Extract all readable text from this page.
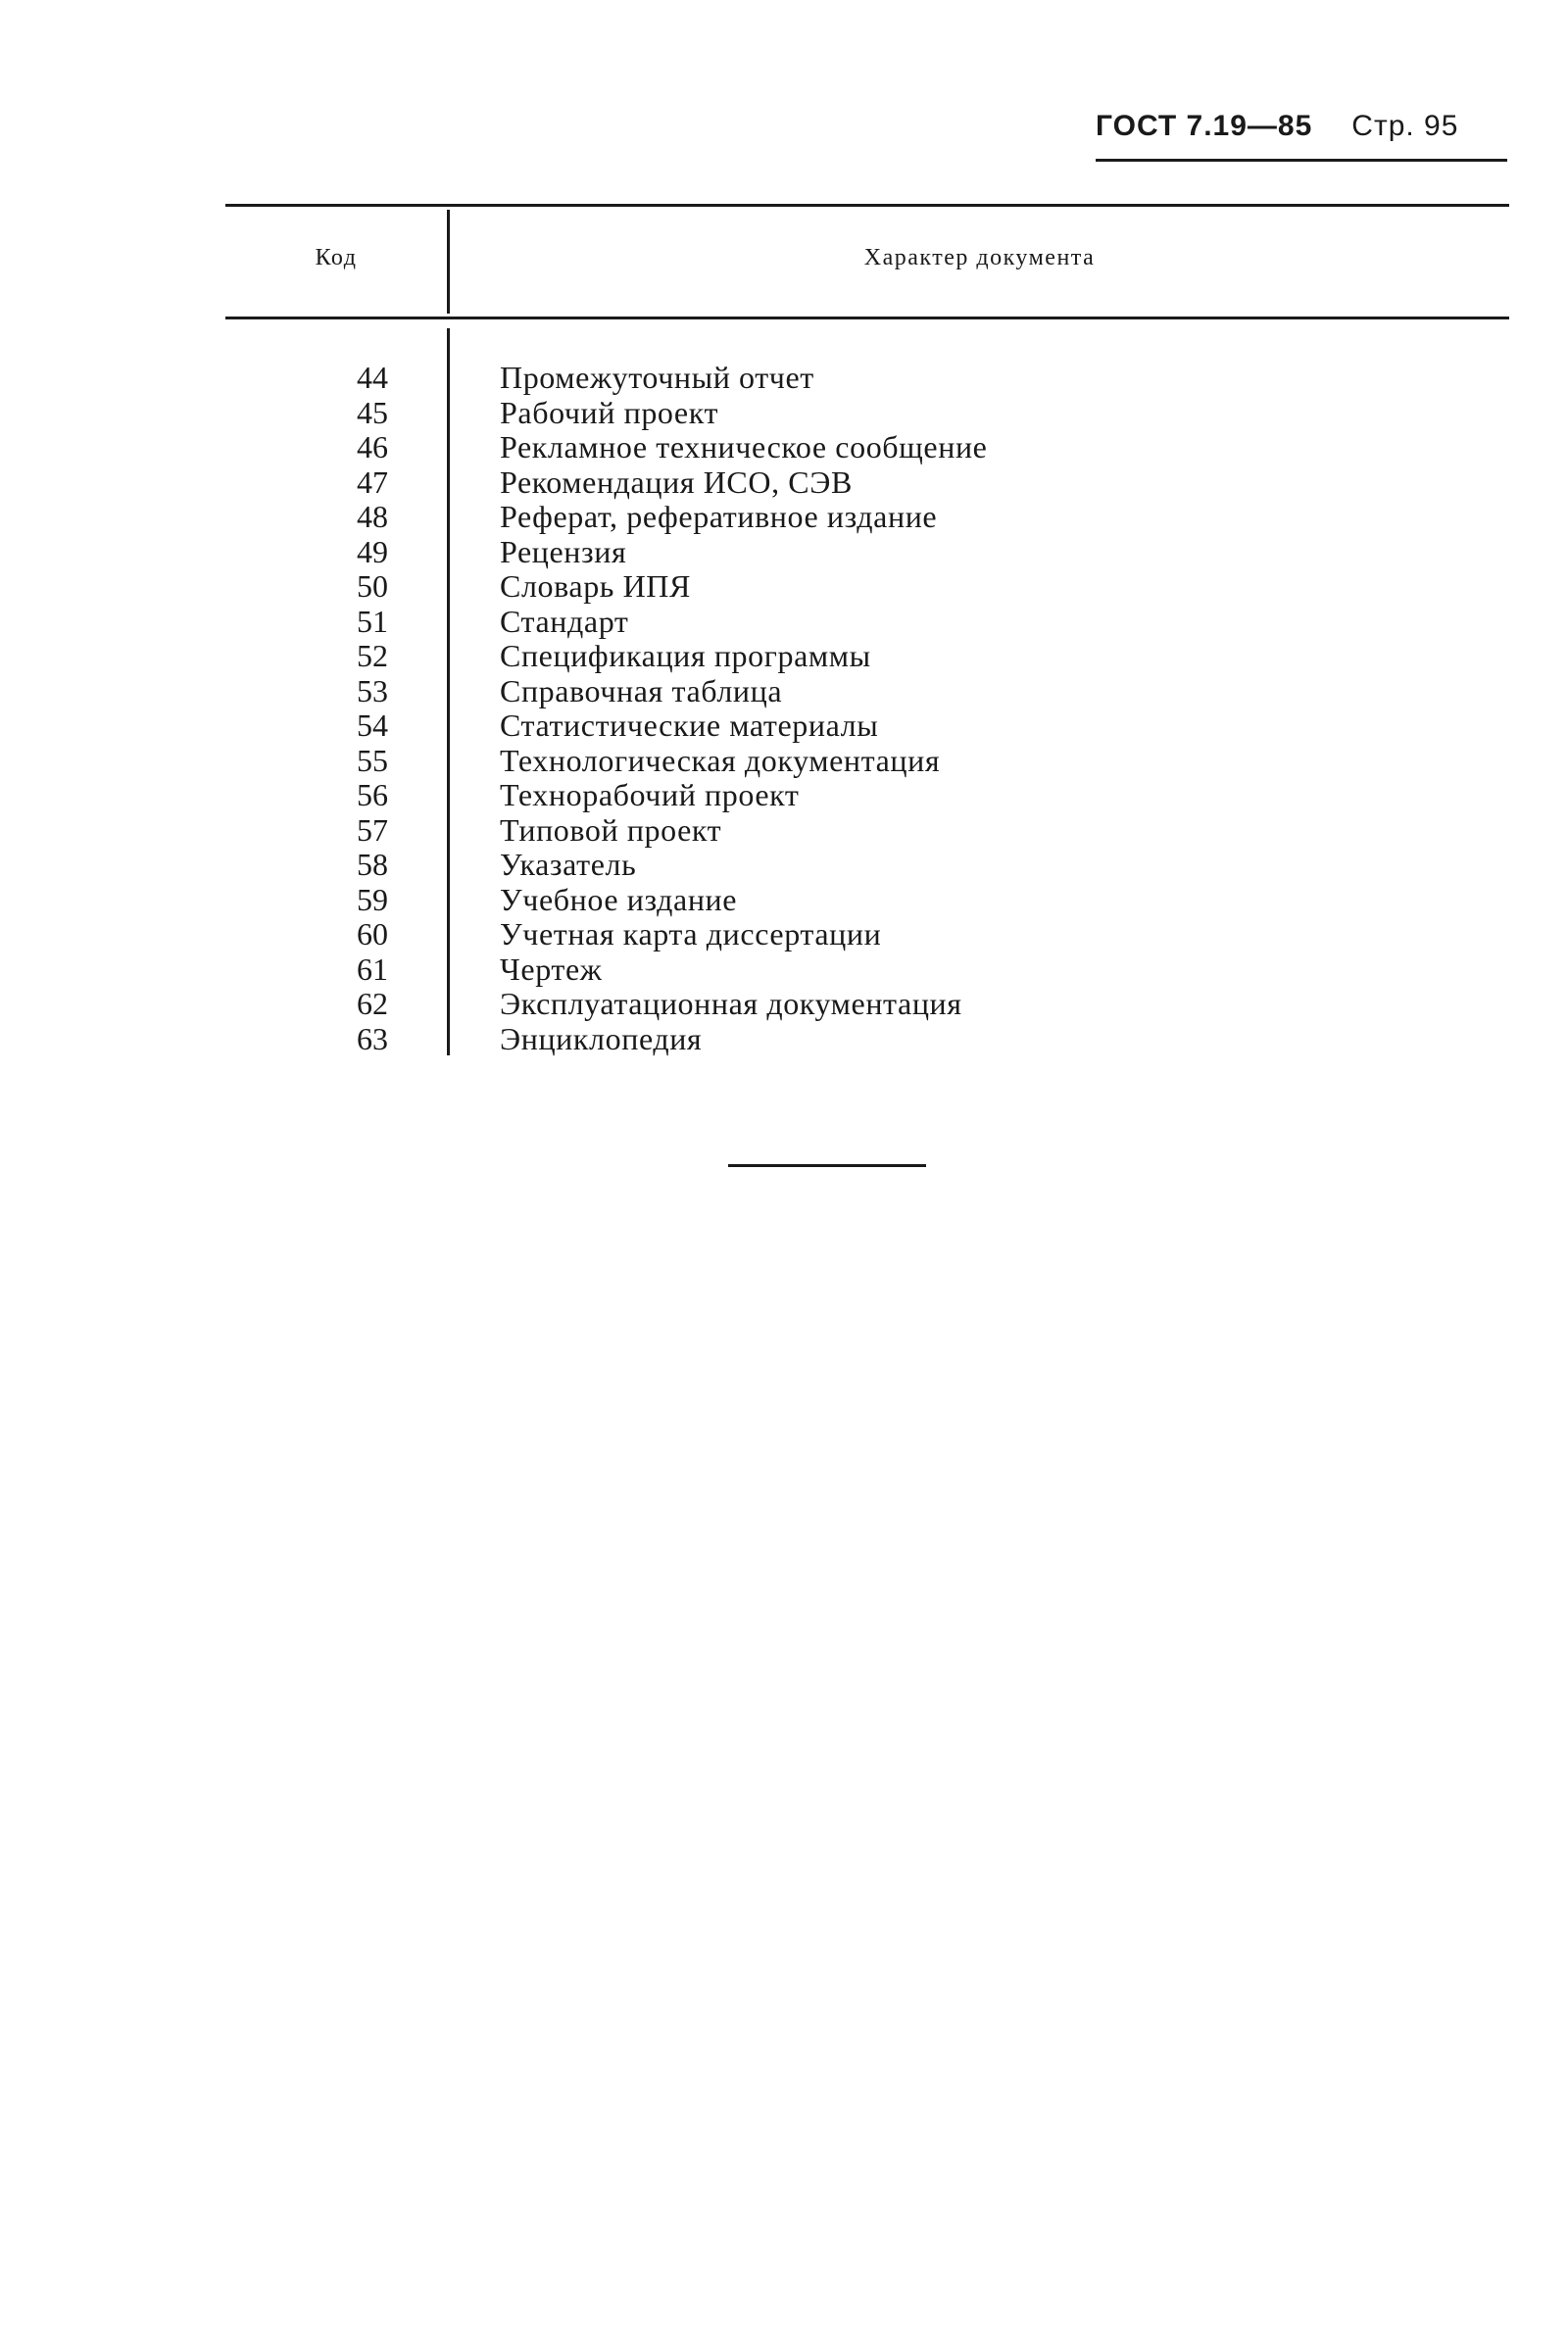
ГОСТ 7.19—85 Стр. 95
Код	Характер документа
44	Промежуточный отчет
45	Рабочий проект
46	Рекламное техническое сообщение
47	Рекомендация ИСО, СЭВ
48	Реферат, реферативное издание
49	Рецензия
50	Словарь ИПЯ
51	Стандарт
52	Спецификация программы
53	Справочная таблица
54	Статистические материалы
55	Технологическая документация
56	Технорабочий проект
57	Типовой проект
58	Указатель
59	Учебное издание
60	Учетная карта диссертации
61	Чертеж
62	Эксплуатационная документация
63	Энциклопедия
